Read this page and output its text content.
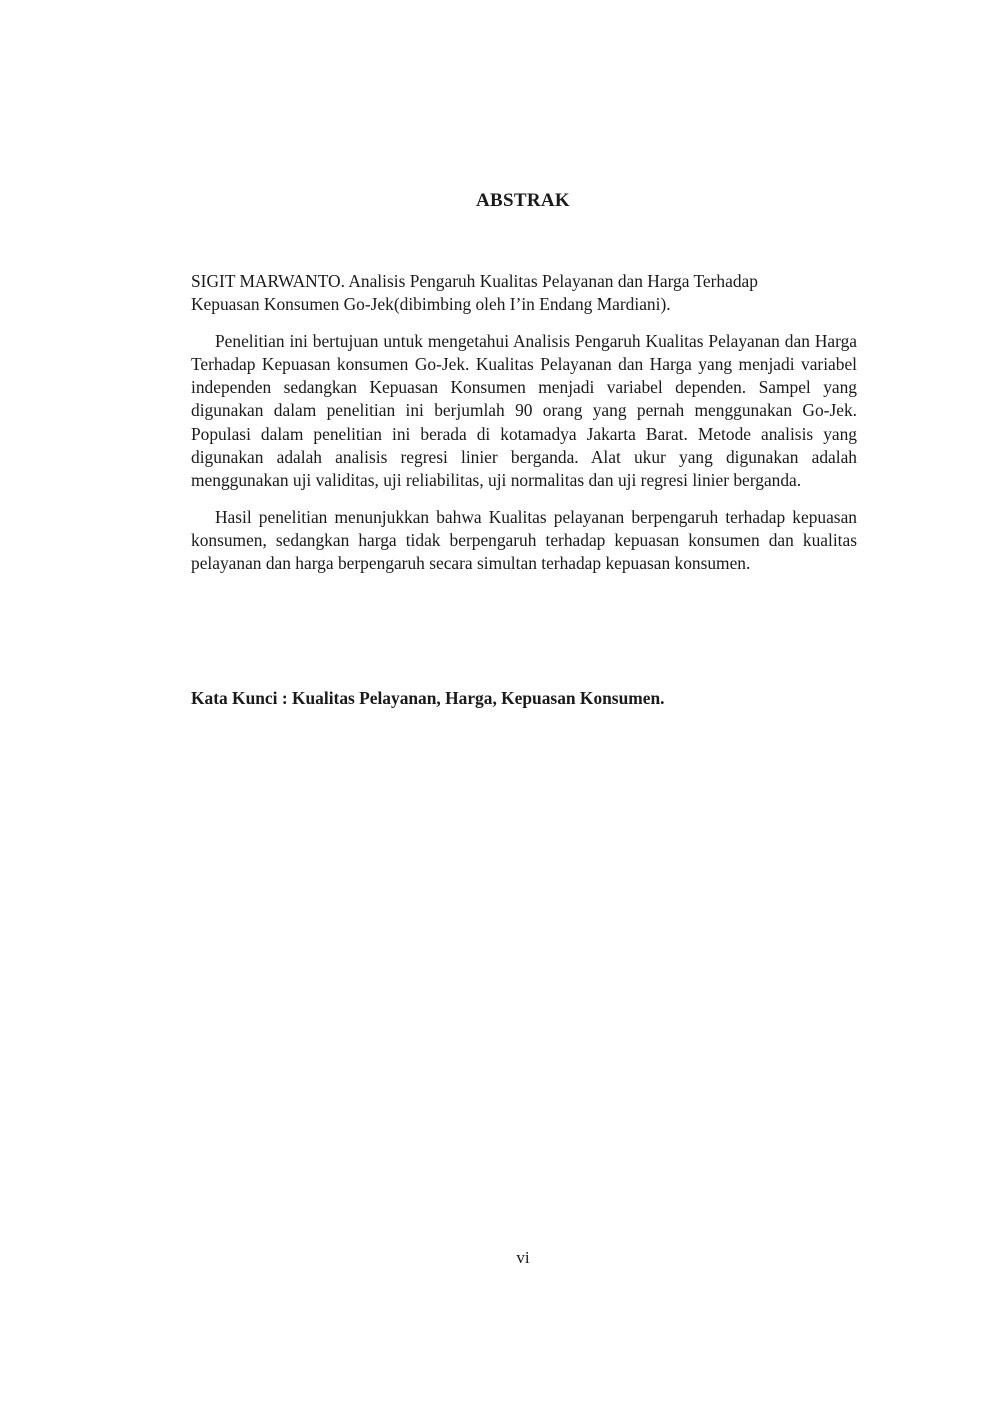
ABSTRAK

SIGIT MARWANTO. Analisis Pengaruh Kualitas Pelayanan dan Harga Terhadap

Kepuasan Konsumen Go-Jek(dibimbing oleh I’in Endang Mardiani).

Penelitian ini bertujuan untuk mengetahui Analisis Pengaruh Kualitas Pelayanan dan Harga Terhadap Kepuasan konsumen Go-Jek. Kualitas Pelayanan dan Harga yang menjadi variabel independen sedangkan Kepuasan Konsumen menjadi variabel dependen. Sampel yang digunakan dalam penelitian ini berjumlah 90 orang yang pernah menggunakan Go-Jek. Populasi dalam penelitian ini berada di kotamadya Jakarta Barat. Metode analisis yang digunakan adalah analisis regresi linier berganda. Alat ukur yang digunakan adalah menggunakan uji validitas, uji reliabilitas, uji normalitas dan uji regresi linier berganda.

Hasil penelitian menunjukkan bahwa Kualitas pelayanan berpengaruh terhadap kepuasan konsumen, sedangkan harga tidak berpengaruh terhadap kepuasan konsumen dan kualitas pelayanan dan harga berpengaruh secara simultan terhadap kepuasan konsumen.

Kata Kunci : Kualitas Pelayanan, Harga, Kepuasan Konsumen.
vi
